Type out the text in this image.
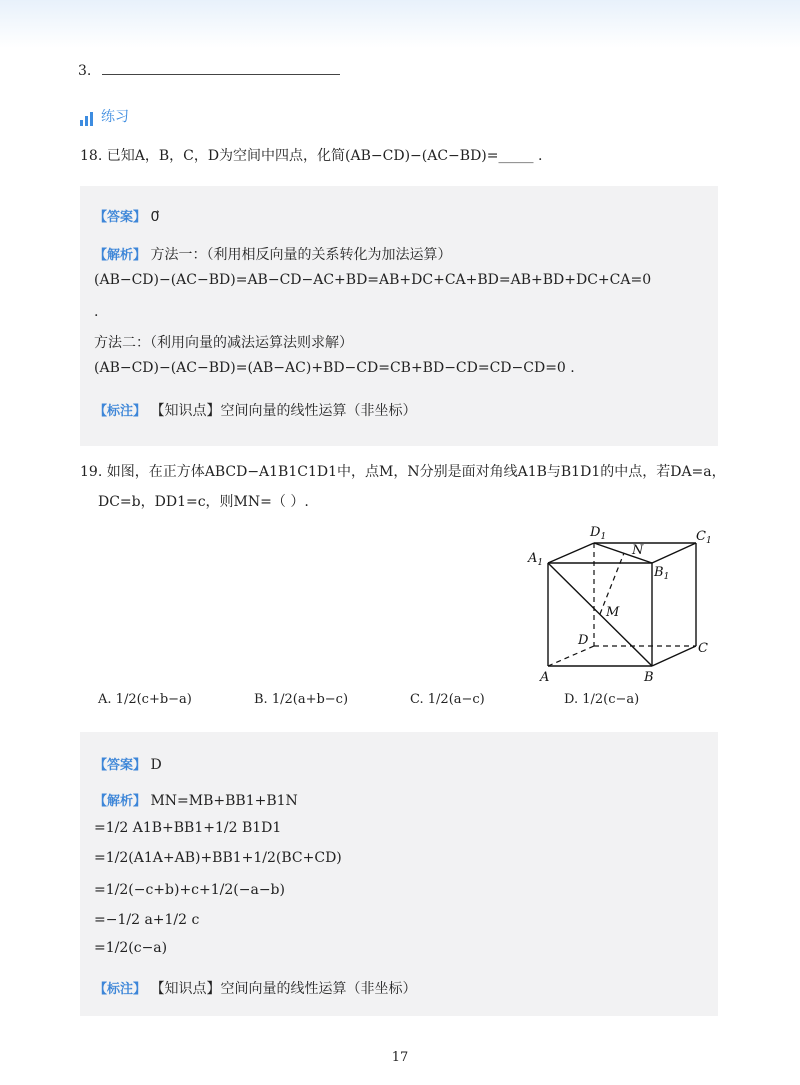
3.
练习
18. 已知A，B，C，D为空间中四点，化简(AB−CD)−(AC−BD)=_____ .
【答案】 0⃗
【解析】 方法一：（利用相反向量的关系转化为加法运算）
(AB−CD)−(AC−BD)=AB−CD−AC+BD=AB+DC+CA+BD=AB+BD+DC+CA=0
.
方法二：（利用向量的减法运算法则求解）
(AB−CD)−(AC−BD)=(AB−AC)+BD−CD=CB+BD−CD=CD−CD=0 .
【标注】 【知识点】空间向量的线性运算（非坐标）
19. 如图，在正方体ABCD−A1B1C1D1中，点M，N分别是面对角线A1B与B1D1的中点，若DA=a，
DC=b，DD1=c，则MN=（ ）.
$A_1$
$D_1$	$C_1$
$B_1$
N
M
D
C
A	B
A. 1/2(c+b−a)	B. 1/2(a+b−c)	C. 1/2(a−c)	D. 1/2(c−a)
【答案】 D
【解析】 MN=MB+BB1+B1N
=1/2 A1B+BB1+1/2 B1D1
=1/2(A1A+AB)+BB1+1/2(BC+CD)
=1/2(−c+b)+c+1/2(−a−b)
=−1/2 a+1/2 c
=1/2(c−a)
【标注】 【知识点】空间向量的线性运算（非坐标）
17
